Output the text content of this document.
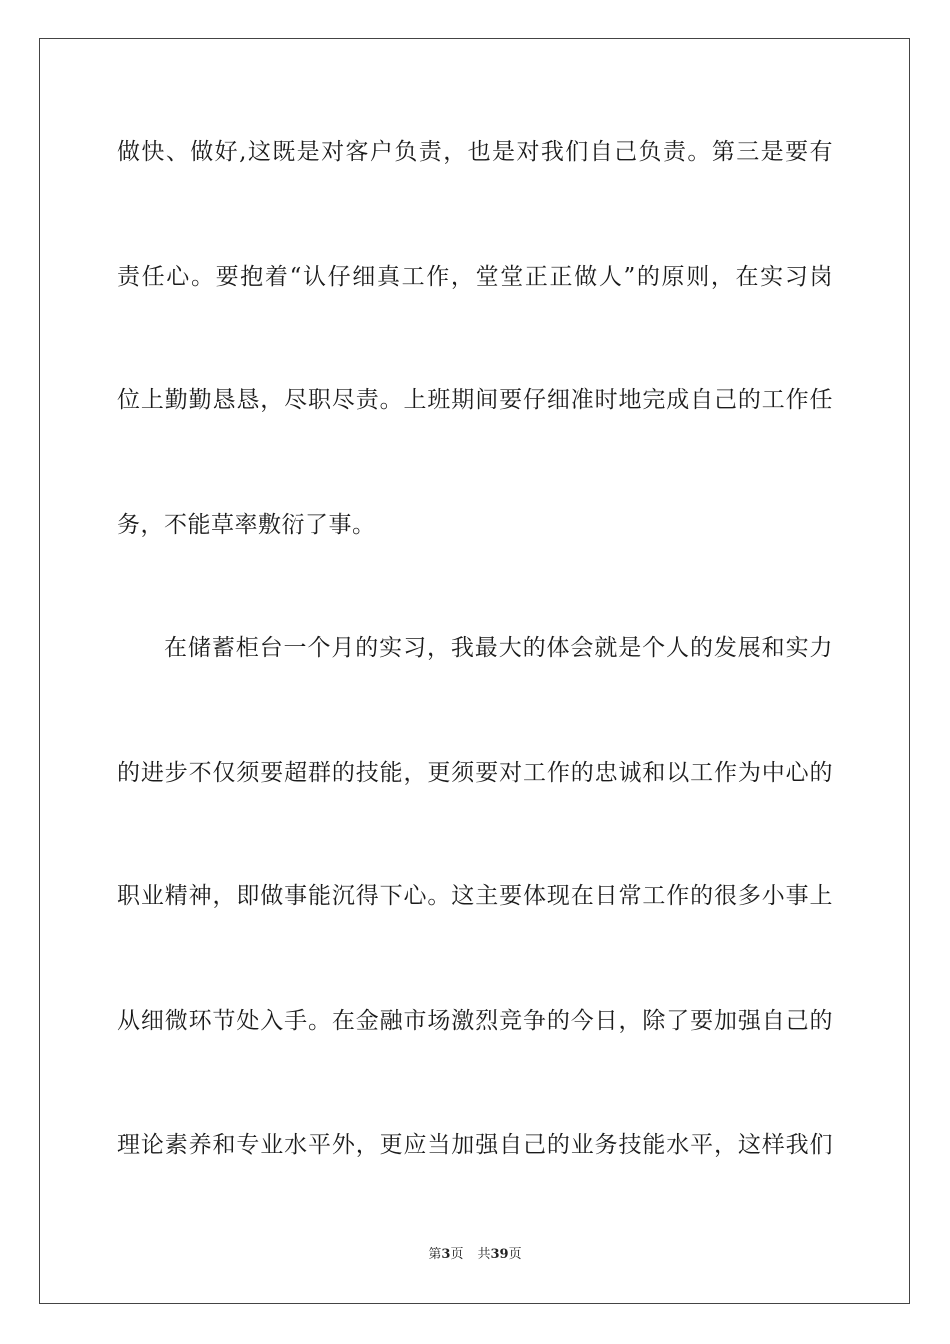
做快、做好,这既是对客户负责，也是对我们自己负责。第三是要有
责任心。要抱着“认仔细真工作，堂堂正正做人”的原则，在实习岗
位上勤勤恳恳，尽职尽责。上班期间要仔细准时地完成自己的工作任
务，不能草率敷衍了事。
在储蓄柜台一个月的实习，我最大的体会就是个人的发展和实力
的进步不仅须要超群的技能，更须要对工作的忠诚和以工作为中心的
职业精神，即做事能沉得下心。这主要体现在日常工作的很多小事上
从细微环节处入手。在金融市场激烈竞争的今日，除了要加强自己的
理论素养和专业水平外，更应当加强自己的业务技能水平，这样我们
第3页 共39页
